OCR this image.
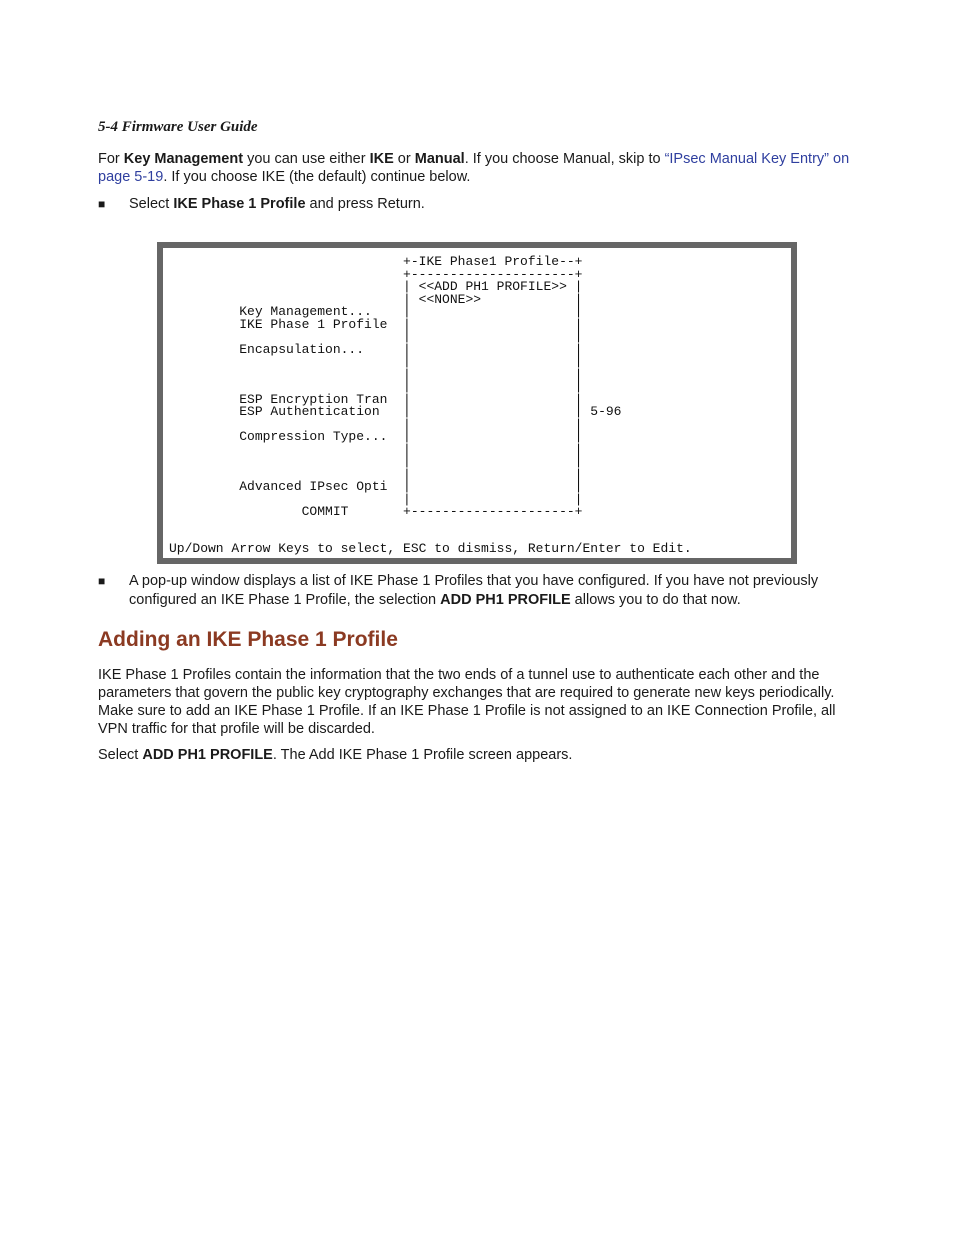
5-4 Firmware User Guide

For Key Management you can use either IKE or Manual. If you choose Manual, skip to “IPsec Manual Key Entry” on page 5-19. If you choose IKE (the default) continue below.

■ Select IKE Phase 1 Profile and press Return.
+-IKE Phase1 Profile--+
+---------------------+
| <<ADD PH1 PROFILE>> |
| <<NONE>>            |
Key Management...    |                     |
IKE Phase 1 Profile  |                     |
|                     |
Encapsulation...     |                     |
|                     |
|                     |
|                     |
ESP Encryption Tran  |                     |
ESP Authentication   |                     | 5-96
|                     |
Compression Type...  |                     |
|                     |
|                     |
|                     |
Advanced IPsec Opti  |                     |
|                     |
COMMIT       +---------------------+
Up/Down Arrow Keys to select, ESC to dismiss, Return/Enter to Edit.
■ A pop-up window displays a list of IKE Phase 1 Profiles that you have configured. If you have not previously configured an IKE Phase 1 Profile, the selection ADD PH1 PROFILE allows you to do that now.
Adding an IKE Phase 1 Profile

IKE Phase 1 Profiles contain the information that the two ends of a tunnel use to authenticate each other and the parameters that govern the public key cryptography exchanges that are required to generate new keys periodically. Make sure to add an IKE Phase 1 Profile. If an IKE Phase 1 Profile is not assigned to an IKE Connection Profile, all VPN traffic for that profile will be discarded.

Select ADD PH1 PROFILE. The Add IKE Phase 1 Profile screen appears.
